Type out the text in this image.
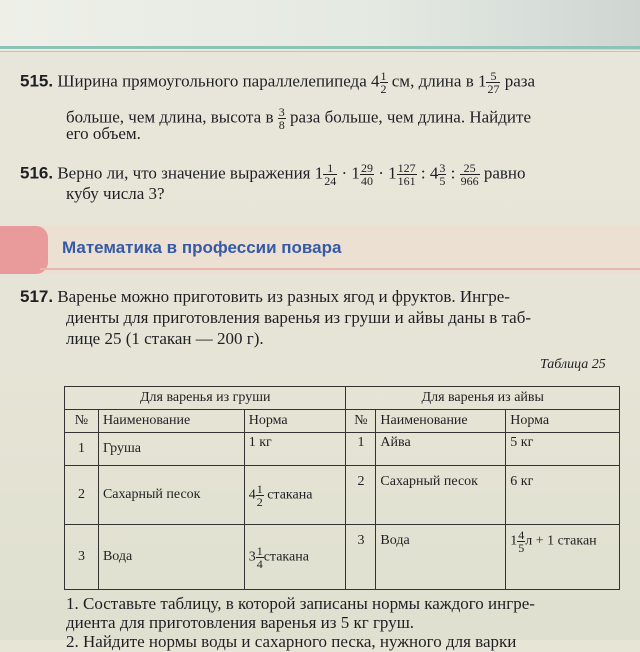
515. Ширина прямоугольного параллелепипеда $4 \frac{1}{2}$ см, длина в $1 \frac{5}{27}$ раза
больше, чем длина, высота в $\frac{3}{8}$ раза больше, чем длина. Найдите
его объем.
516. Верно ли, что значение выражения $1 \frac{1}{24} \cdot 1 \frac{29}{40} \cdot 1 \frac{127}{161}$ : $4 \frac{3}{5}$ : $\frac{25}{966}$ равно
кубу числа 3?
Математика в профессии повара
517. Варенье можно приготовить из разных ягод и фруктов. Ингре-
диенты для приготовления варенья из груши и айвы даны в таб-
лице 25 (1 стакан — 200 г).
Таблица 25
Для варенья из груши			Для варенья из айвы		
№	Наименование	Норма	№	Наименование	Норма
1	Груша	1 кг	1	Айва	5 кг
2	Сахарный песок	$4 \frac{1}{2}$ стакана	2	Сахарный песок	6 кг
3	Вода	$3 \frac{1}{4}$ стакана	3	Вода	$1 \frac{4}{5}$ л + 1 стакан
1. Составьте таблицу, в которой записаны нормы каждого ингре-
диента для приготовления варенья из 5 кг груш.
2. Найдите нормы воды и сахарного песка, нужного для варки
